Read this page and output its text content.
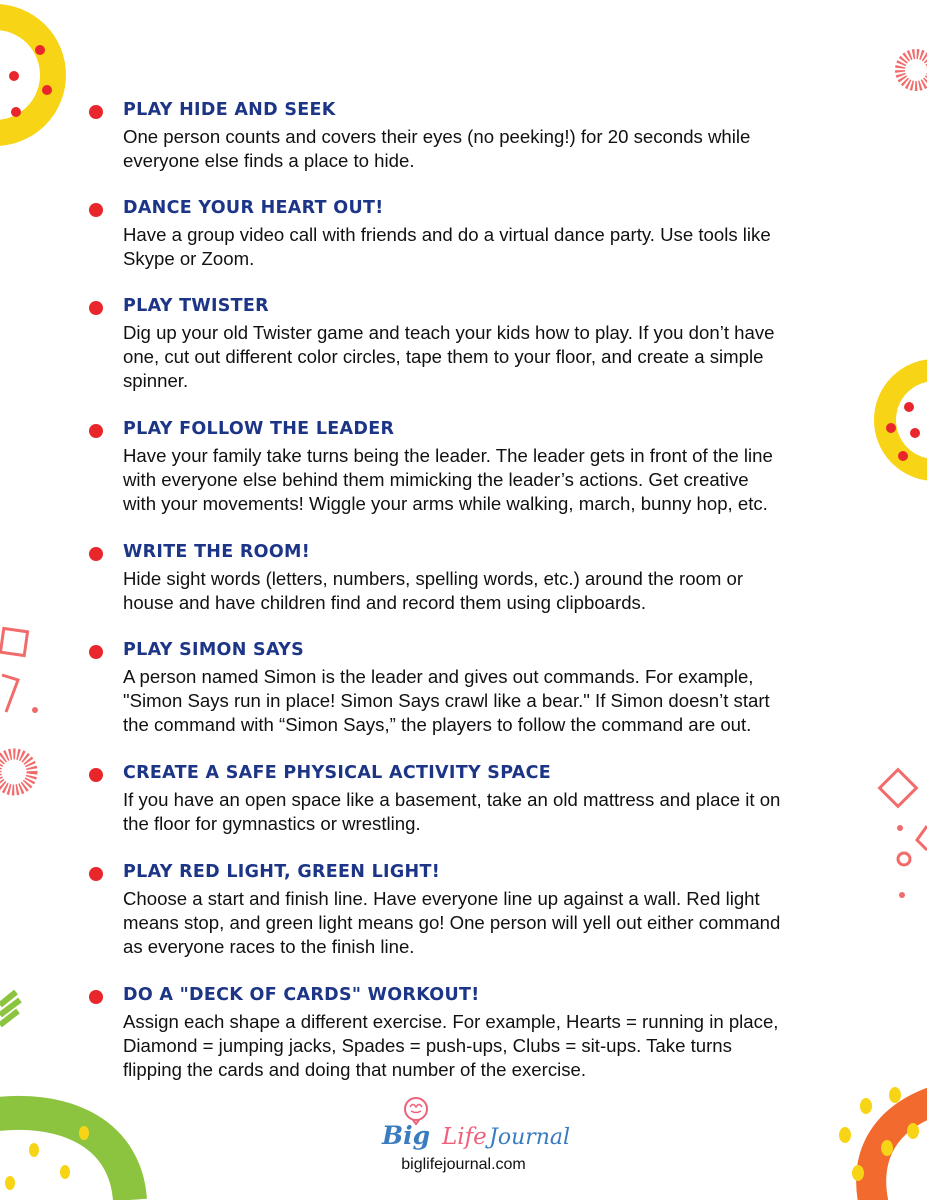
PLAY HIDE AND SEEK
One person counts and covers their eyes (no peeking!) for 20 seconds while
everyone else finds a place to hide.
DANCE YOUR HEART OUT!
Have a group video call with friends and do a virtual dance party. Use tools like
Skype or Zoom.
PLAY TWISTER
Dig up your old Twister game and teach your kids how to play. If you don’t have
one, cut out different color circles, tape them to your floor, and create a simple
spinner.
PLAY FOLLOW THE LEADER
Have your family take turns being the leader. The leader gets in front of the line
with everyone else behind them mimicking the leader’s actions. Get creative
with your movements! Wiggle your arms while walking, march, bunny hop, etc.
WRITE THE ROOM!
Hide sight words (letters, numbers, spelling words, etc.) around the room or
house and have children find and record them using clipboards.
PLAY SIMON SAYS
A person named Simon is the leader and gives out commands. For example,
"Simon Says run in place! Simon Says crawl like a bear." If Simon doesn’t start
the command with “Simon Says,” the players to follow the command are out.
CREATE A SAFE PHYSICAL ACTIVITY SPACE
If you have an open space like a basement, take an old mattress and place it on
the floor for gymnastics or wrestling.
PLAY RED LIGHT, GREEN LIGHT!
Choose a start and finish line. Have everyone line up against a wall. Red light
means stop, and green light means go! One person will yell out either command
as everyone races to the finish line.
DO A "DECK OF CARDS" WORKOUT!
Assign each shape a different exercise. For example, Hearts = running in place,
Diamond = jumping jacks, Spades = push-ups, Clubs = sit-ups. Take turns
flipping the cards and doing that number of the exercise.
Big Life Journal
biglifejournal.com
